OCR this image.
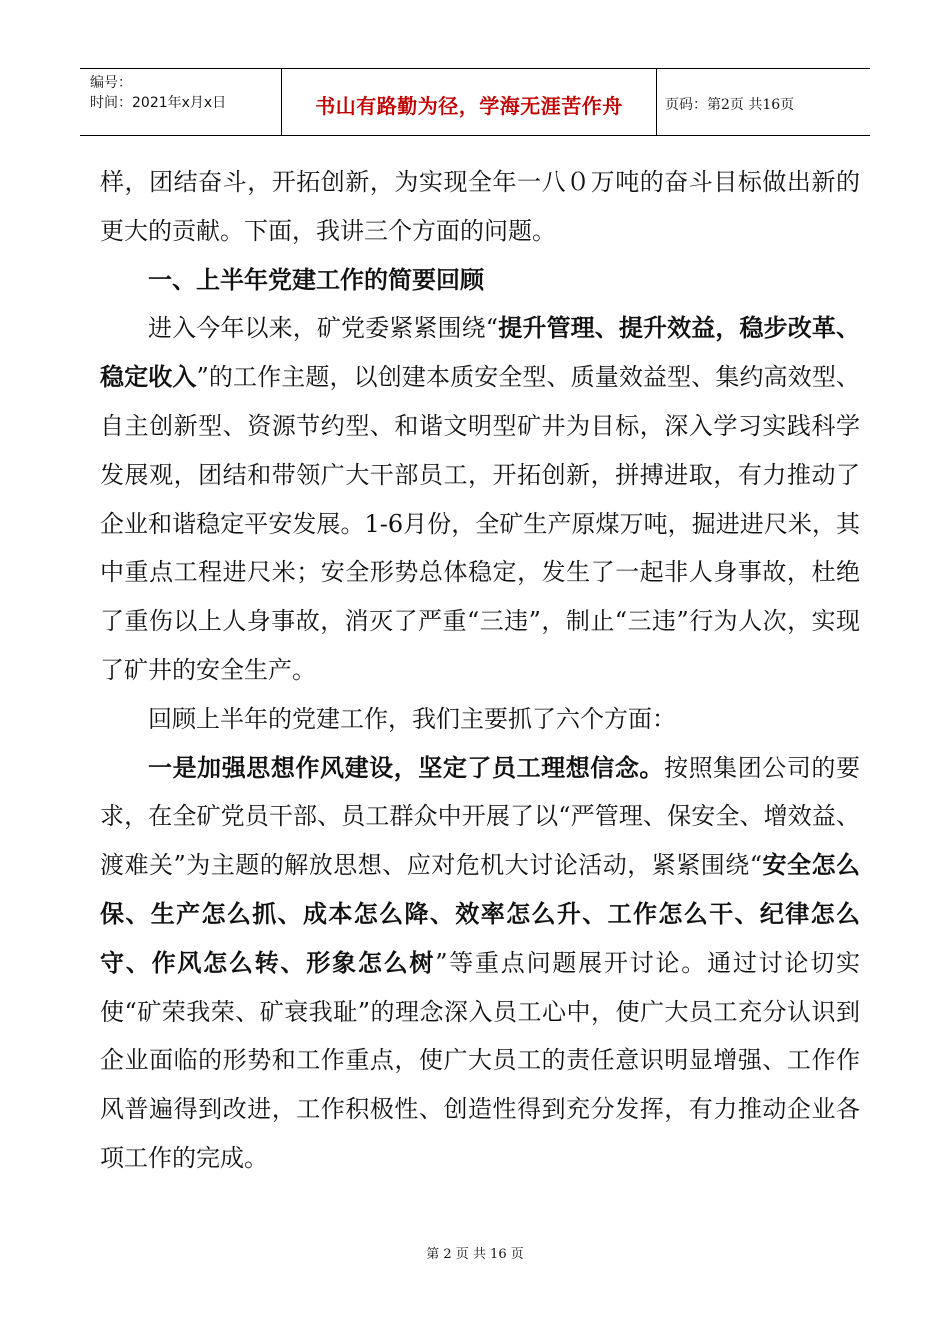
编号：
时间：2021年x月x日	书山有路勤为径，学海无涯苦作舟	页码：第2页 共16页

样，团结奋斗，开拓创新，为实现全年一八０万吨的奋斗目标做出新的更大的贡献。下面，我讲三个方面的问题。

一、上半年党建工作的简要回顾

进入今年以来，矿党委紧紧围绕“提升管理、提升效益，稳步改革、稳定收入”的工作主题，以创建本质安全型、质量效益型、集约高效型、自主创新型、资源节约型、和谐文明型矿井为目标，深入学习实践科学发展观，团结和带领广大干部员工，开拓创新，拼搏进取，有力推动了企业和谐稳定平安发展。1-6月份，全矿生产原煤万吨，掘进进尺米，其中重点工程进尺米；安全形势总体稳定，发生了一起非人身事故，杜绝了重伤以上人身事故，消灭了严重“三违”，制止“三违”行为人次，实现了矿井的安全生产。

回顾上半年的党建工作，我们主要抓了六个方面：

一是加强思想作风建设，坚定了员工理想信念。按照集团公司的要求，在全矿党员干部、员工群众中开展了以“严管理、保安全、增效益、渡难关”为主题的解放思想、应对危机大讨论活动，紧紧围绕“安全怎么保、生产怎么抓、成本怎么降、效率怎么升、工作怎么干、纪律怎么守、作风怎么转、形象怎么树”等重点问题展开讨论。通过讨论切实使“矿荣我荣、矿衰我耻”的理念深入员工心中，使广大员工充分认识到企业面临的形势和工作重点，使广大员工的责任意识明显增强、工作作风普遍得到改进，工作积极性、创造性得到充分发挥，有力推动企业各项工作的完成。

第 2 页 共 16 页
